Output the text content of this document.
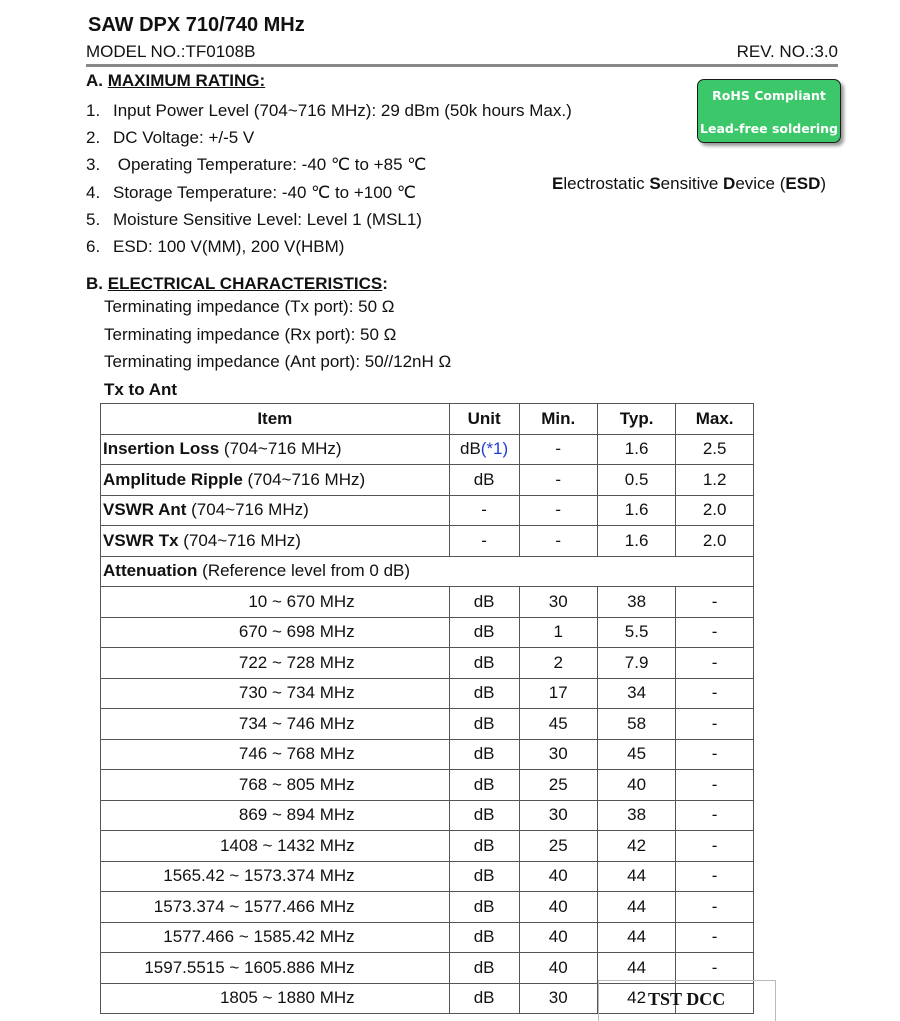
SAW DPX 710/740 MHz
MODEL NO.:TF0108B	REV. NO.:3.0
A. MAXIMUM RATING:
1. Input Power Level (704~716 MHz): 29 dBm (50k hours Max.)
2. DC Voltage: +/-5 V
3. Operating Temperature: -40 ℃ to +85 ℃
4. Storage Temperature: -40 ℃ to +100 ℃
5. Moisture Sensitive Level: Level 1 (MSL1)
6. ESD: 100 V(MM), 200 V(HBM)
RoHS Compliant
Lead-free soldering
Electrostatic Sensitive Device (ESD)
B. ELECTRICAL CHARACTERISTICS:
Terminating impedance (Tx port): 50 Ω
Terminating impedance (Rx port): 50 Ω
Terminating impedance (Ant port): 50//12nH Ω
Tx to Ant
Item	Unit	Min.	Typ.	Max.
Insertion Loss (704~716 MHz)	dB(*1)	-	1.6	2.5
Amplitude Ripple (704~716 MHz)	dB	-	0.5	1.2
VSWR Ant (704~716 MHz)	-	-	1.6	2.0
VSWR Tx (704~716 MHz)	-	-	1.6	2.0
Attenuation (Reference level from 0 dB)				
10 ~ 670 MHz	dB	30	38	-
670 ~ 698 MHz	dB	1	5.5	-
722 ~ 728 MHz	dB	2	7.9	-
730 ~ 734 MHz	dB	17	34	-
734 ~ 746 MHz	dB	45	58	-
746 ~ 768 MHz	dB	30	45	-
768 ~ 805 MHz	dB	25	40	-
869 ~ 894 MHz	dB	30	38	-
1408 ~ 1432 MHz	dB	25	42	-
1565.42 ~ 1573.374 MHz	dB	40	44	-
1573.374 ~ 1577.466 MHz	dB	40	44	-
1577.466 ~ 1585.42 MHz	dB	40	44	-
1597.5515 ~ 1605.886 MHz	dB	40	44	-
1805 ~ 1880 MHz	dB	30	42	TST DCC
